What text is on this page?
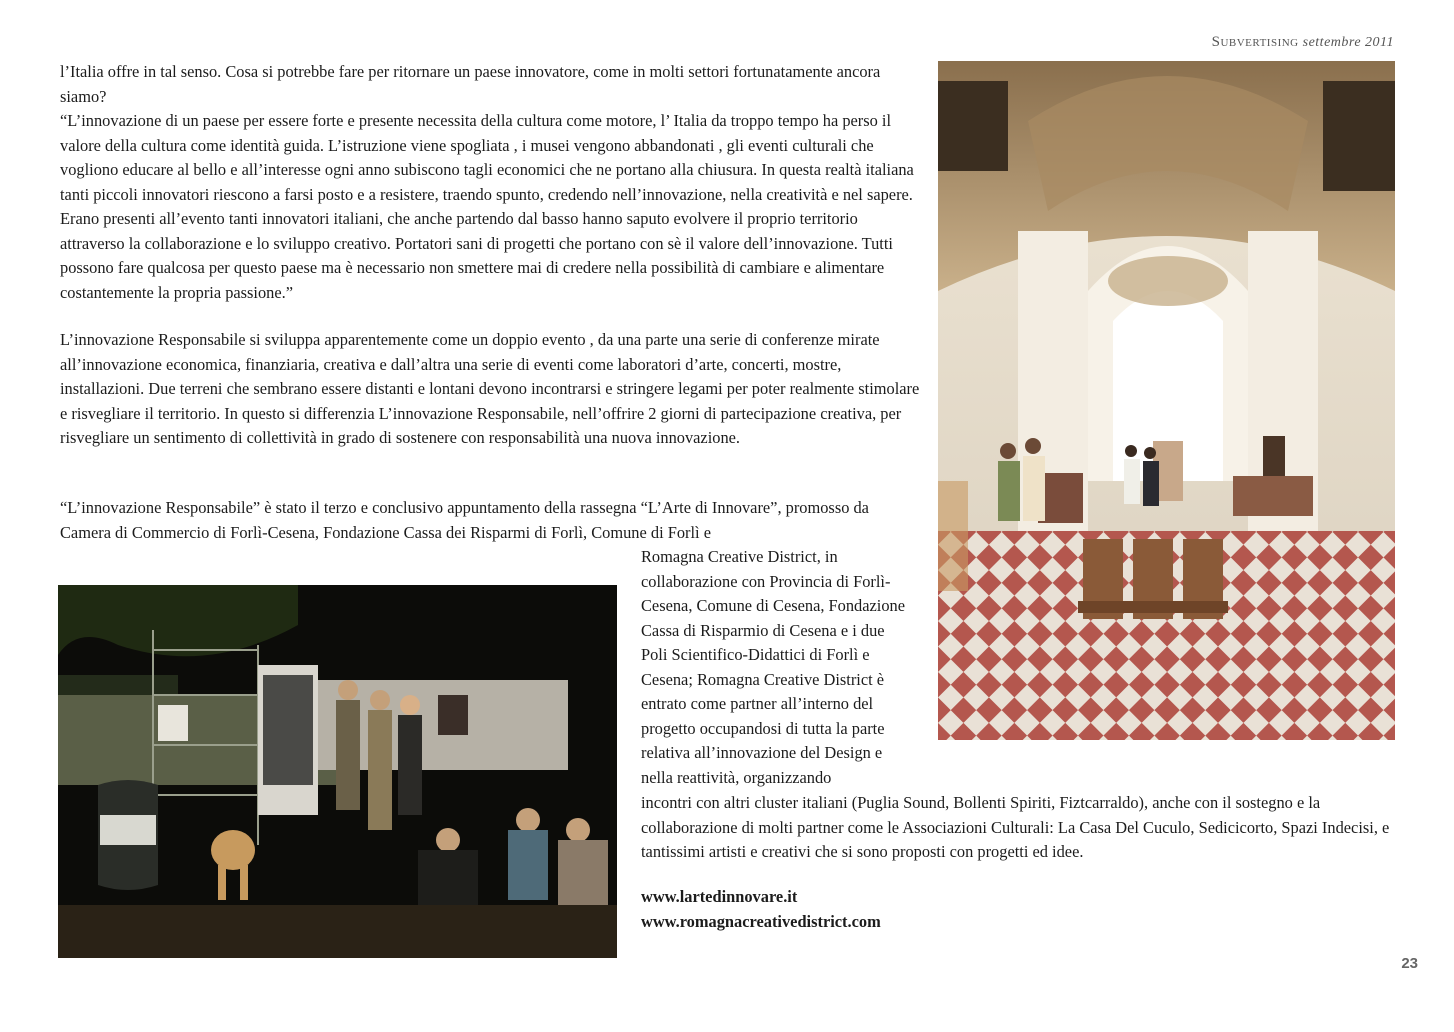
Subvertising settembre 2011

l’Italia offre in tal senso. Cosa si potrebbe fare per ritornare un paese innovatore, come in molti settori fortunatamente ancora siamo?

“L’innovazione di un paese per essere forte e presente necessita della cultura come motore, l’ Italia da troppo tempo ha perso il valore della cultura come identità guida. L’istruzione viene spogliata , i musei vengono abbandonati , gli eventi culturali che vogliono educare al bello e all’interesse ogni anno subiscono tagli economici che ne portano alla chiusura. In questa realtà italiana tanti piccoli innovatori riescono a farsi posto e a resistere, traendo spunto, credendo nell’innovazione, nella creatività e nel sapere. Erano presenti all’evento tanti innovatori italiani, che anche partendo dal basso hanno saputo evolvere il proprio territorio attraverso la collaborazione e lo sviluppo creativo. Portatori sani di progetti che portano con sè il valore dell’innovazione. Tutti possono fare qualcosa per questo paese ma è necessario non smettere mai di credere nella possibilità di cambiare e alimentare costantemente la propria passione.”

L’innovazione Responsabile si sviluppa apparentemente come un doppio evento , da una parte una serie di conferenze mirate all’innovazione economica, finanziaria, creativa e dall’altra una serie di eventi come laboratori d’arte, concerti, mostre, installazioni. Due terreni che sembrano essere distanti e lontani devono incontrarsi e stringere legami per poter realmente stimolare e risvegliare il territorio. In questo si differenzia L’innovazione Responsabile, nell’offrire 2 giorni di partecipazione creativa, per risvegliare un sentimento di collettività in grado di sostenere con responsabilità una nuova innovazione.

“L’innovazione Responsabile” è stato il terzo e conclusivo appuntamento della rassegna “L’Arte di Innovare”, promosso da Camera di Commercio di Forlì-Cesena, Fondazione Cassa dei Risparmi di Forlì, Comune di Forlì e

Romagna Creative District, in collaborazione con Provincia di Forlì-Cesena, Comune di Cesena, Fondazione Cassa di Risparmio di Cesena e i due Poli Scientifico-Didattici di Forlì e Cesena; Romagna Creative District è entrato come partner all’interno del progetto occupandosi di tutta la parte relativa all’innovazione del Design e nella reattività, organizzando

incontri con altri cluster italiani (Puglia Sound, Bollenti Spiriti, Fiztcarraldo), anche con il sostegno e la collaborazione di molti partner come le Associazioni Culturali: La Casa Del Cuculo, Sedicicorto, Spazi Indecisi, e tantissimi artisti e creativi che si sono proposti con progetti ed idee.

www.lartedinnovare.it
www.romagnacreativedistrict.com
23
